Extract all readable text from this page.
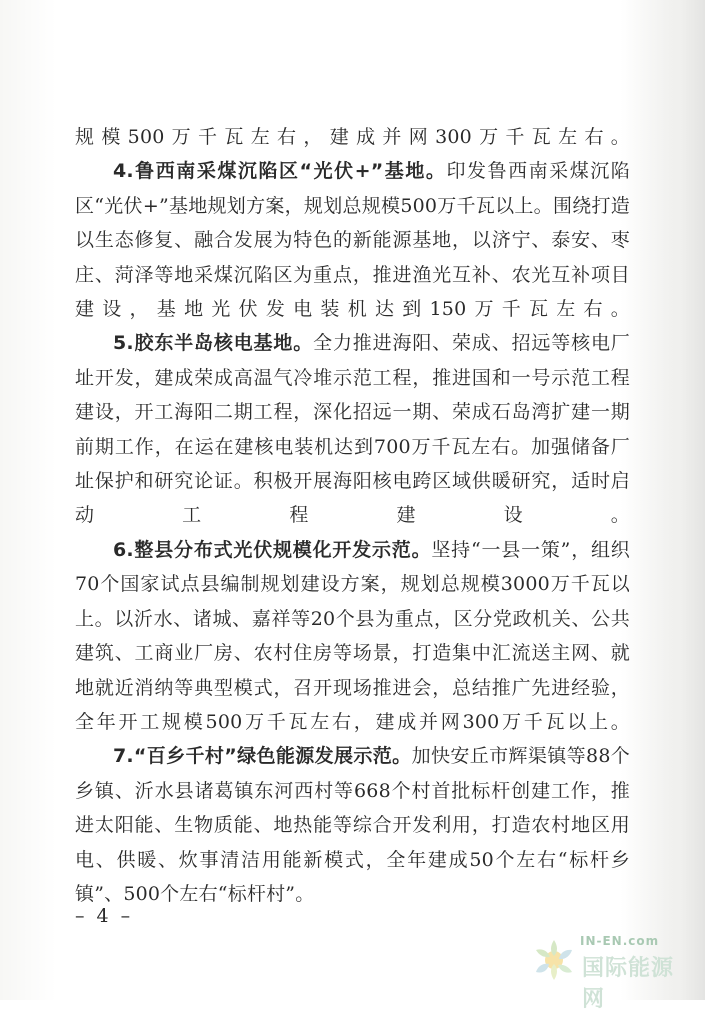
规模500万千瓦左右，建成并网300万千瓦左右。

4.鲁西南采煤沉陷区“光伏+”基地。印发鲁西南采煤沉陷区“光伏+”基地规划方案，规划总规模500万千瓦以上。围绕打造以生态修复、融合发展为特色的新能源基地，以济宁、泰安、枣庄、菏泽等地采煤沉陷区为重点，推进渔光互补、农光互补项目建设，基地光伏发电装机达到150万千瓦左右。

5.胶东半岛核电基地。全力推进海阳、荣成、招远等核电厂址开发，建成荣成高温气冷堆示范工程，推进国和一号示范工程建设，开工海阳二期工程，深化招远一期、荣成石岛湾扩建一期前期工作，在运在建核电装机达到700万千瓦左右。加强储备厂址保护和研究论证。积极开展海阳核电跨区域供暖研究，适时启动工程建设。

6.整县分布式光伏规模化开发示范。坚持“一县一策”，组织70个国家试点县编制规划建设方案，规划总规模3000万千瓦以上。以沂水、诸城、嘉祥等20个县为重点，区分党政机关、公共建筑、工商业厂房、农村住房等场景，打造集中汇流送主网、就地就近消纳等典型模式，召开现场推进会，总结推广先进经验，全年开工规模500万千瓦左右，建成并网300万千瓦以上。

7.“百乡千村”绿色能源发展示范。加快安丘市辉渠镇等88个乡镇、沂水县诸葛镇东河西村等668个村首批标杆创建工作，推进太阳能、生物质能、地热能等综合开发利用，打造农村地区用电、供暖、炊事清洁用能新模式，全年建成50个左右“标杆乡镇”、500个左右“标杆村”。

– 4 –
IN-EN.com
国际能源网
